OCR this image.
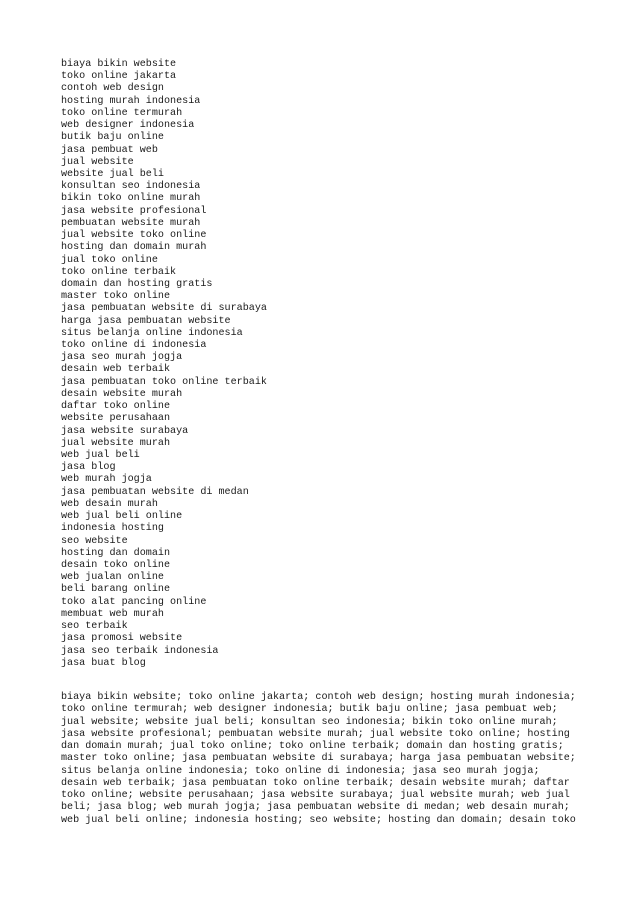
biaya bikin website
toko online jakarta
contoh web design
hosting murah indonesia
toko online termurah
web designer indonesia
butik baju online
jasa pembuat web
jual website
website jual beli
konsultan seo indonesia
bikin toko online murah
jasa website profesional
pembuatan website murah
jual website toko online
hosting dan domain murah
jual toko online
toko online terbaik
domain dan hosting gratis
master toko online
jasa pembuatan website di surabaya
harga jasa pembuatan website
situs belanja online indonesia
toko online di indonesia
jasa seo murah jogja
desain web terbaik
jasa pembuatan toko online terbaik
desain website murah
daftar toko online
website perusahaan
jasa website surabaya
jual website murah
web jual beli
jasa blog
web murah jogja
jasa pembuatan website di medan
web desain murah
web jual beli online
indonesia hosting
seo website
hosting dan domain
desain toko online
web jualan online
beli barang online
toko alat pancing online
membuat web murah
seo terbaik
jasa promosi website
jasa seo terbaik indonesia
jasa buat blog

biaya bikin website; toko online jakarta; contoh web design; hosting murah indonesia; toko online termurah; web designer indonesia; butik baju online; jasa pembuat web; jual website; website jual beli; konsultan seo indonesia; bikin toko online murah; jasa website profesional; pembuatan website murah; jual website toko online; hosting dan domain murah; jual toko online; toko online terbaik; domain dan hosting gratis; master toko online; jasa pembuatan website di surabaya; harga jasa pembuatan website; situs belanja online indonesia; toko online di indonesia; jasa seo murah jogja; desain web terbaik; jasa pembuatan toko online terbaik; desain website murah; daftar toko online; website perusahaan; jasa website surabaya; jual website murah; web jual beli; jasa blog; web murah jogja; jasa pembuatan website di medan; web desain murah; web jual beli online; indonesia hosting; seo website; hosting dan domain; desain toko
